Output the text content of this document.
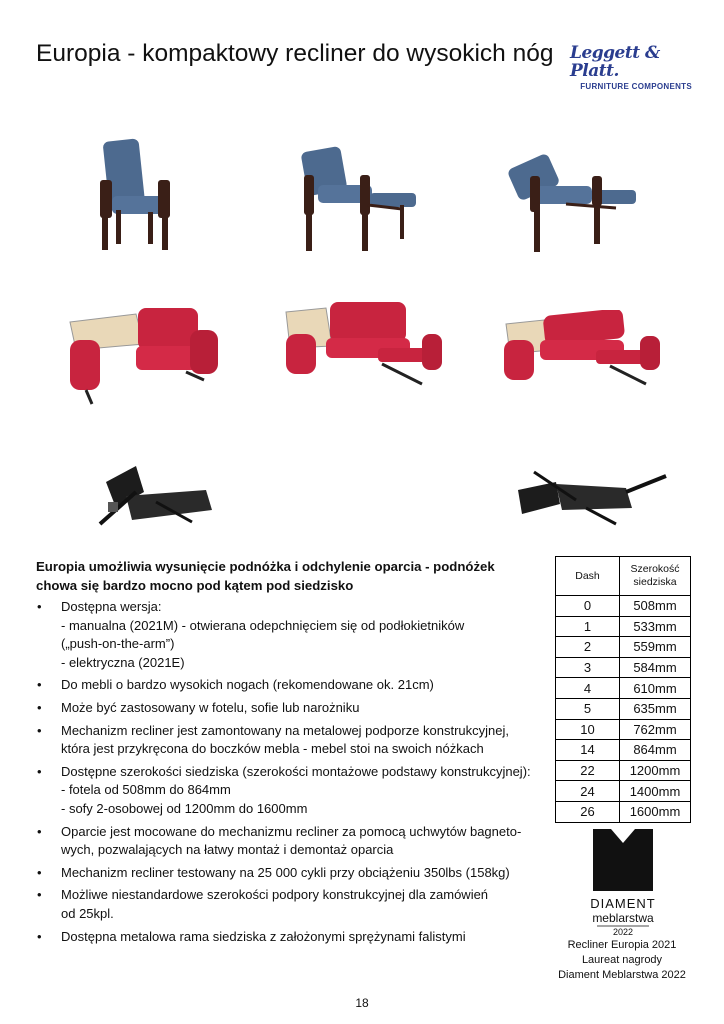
Europia - kompaktowy recliner do wysokich nóg Leggett & Platt.
FURNITURE COMPONENTS
Europia umożliwia wysunięcie podnóżka i odchylenie oparcia - podnóżek chowa się bardzo mocno pod kątem pod siedzisko
• Dostępna wersja:
- manualna (2021M) - otwierana odepchnięciem się od podłokietników
(„push-on-the-arm”)
- elektryczna (2021E)
• Do mebli o bardzo wysokich nogach (rekomendowane ok. 21cm)
• Może być zastosowany w fotelu, sofie lub narożniku
• Mechanizm recliner jest zamontowany na metalowej podporze konstrukcyjnej,
która jest przykręcona do boczków mebla - mebel stoi na swoich nóżkach
• Dostępne szerokości siedziska (szerokości montażowe podstawy konstrukcyjnej):
- fotela od 508mm do 864mm
- sofy 2-osobowej od 1200mm do 1600mm
• Oparcie jest mocowane do mechanizmu recliner za pomocą uchwytów bagneto-
wych, pozwalających na łatwy montaż i demontaż oparcia
• Mechanizm recliner testowany na 25 000 cykli przy obciążeniu 350lbs (158kg)
• Możliwe niestandardowe szerokości podpory konstrukcyjnej dla zamówień
od 25kpl.
• Dostępna metalowa rama siedziska z założonymi sprężynami falistymi
Dash	Szerokość siedziska
0	508mm
1	533mm
2	559mm
3	584mm
4	610mm
5	635mm
10	762mm
14	864mm
22	1200mm
24	1400mm
26	1600mm
DIAMENT
meblarstwa
2022
Recliner Europia 2021
Laureat nagrody
Diament Meblarstwa 2022
18
